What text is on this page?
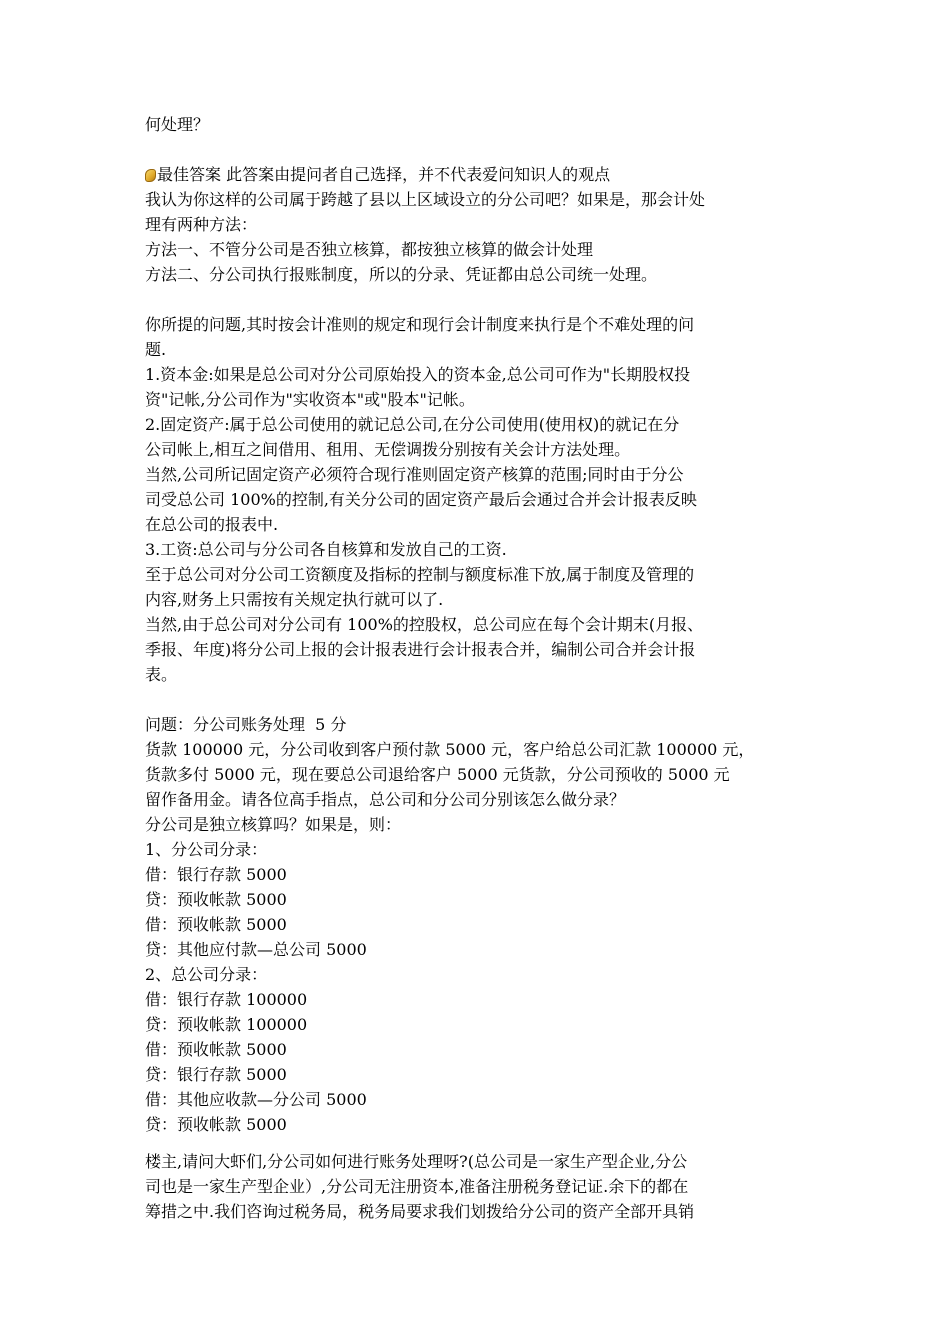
何处理？
最佳答案 此答案由提问者自己选择，并不代表爱问知识人的观点
我认为你这样的公司属于跨越了县以上区域设立的分公司吧？如果是，那会计处
理有两种方法：
方法一、不管分公司是否独立核算，都按独立核算的做会计处理
方法二、分公司执行报账制度，所以的分录、凭证都由总公司统一处理。
你所提的问题,其时按会计准则的规定和现行会计制度来执行是个不难处理的问
题.
1.资本金:如果是总公司对分公司原始投入的资本金,总公司可作为"长期股权投
资"记帐,分公司作为"实收资本"或"股本"记帐。
2.固定资产:属于总公司使用的就记总公司,在分公司使用(使用权)的就记在分
公司帐上,相互之间借用、租用、无偿调拨分别按有关会计方法处理。
当然,公司所记固定资产必须符合现行准则固定资产核算的范围;同时由于分公
司受总公司 100%的控制,有关分公司的固定资产最后会通过合并会计报表反映
在总公司的报表中.
3.工资:总公司与分公司各自核算和发放自己的工资.
至于总公司对分公司工资额度及指标的控制与额度标准下放,属于制度及管理的
内容,财务上只需按有关规定执行就可以了.
当然,由于总公司对分公司有 100%的控股权，总公司应在每个会计期末(月报、
季报、年度)将分公司上报的会计报表进行会计报表合并，编制公司合并会计报
表。
问题：分公司账务处理  5 分
货款 100000 元，分公司收到客户预付款 5000 元，客户给总公司汇款 100000 元，
货款多付 5000 元，现在要总公司退给客户 5000 元货款，分公司预收的 5000 元
留作备用金。请各位高手指点，总公司和分公司分别该怎么做分录？
分公司是独立核算吗？如果是，则：
1、分公司分录：
借：银行存款 5000
贷：预收帐款 5000
借：预收帐款 5000
贷：其他应付款—总公司 5000
2、总公司分录：
借：银行存款 100000
贷：预收帐款 100000
借：预收帐款 5000
贷：银行存款 5000
借：其他应收款—分公司 5000
贷：预收帐款 5000
楼主,请问大虾们,分公司如何进行账务处理呀?(总公司是一家生产型企业,分公
司也是一家生产型企业）,分公司无注册资本,准备注册税务登记证.余下的都在
筹措之中.我们咨询过税务局，税务局要求我们划拨给分公司的资产全部开具销
